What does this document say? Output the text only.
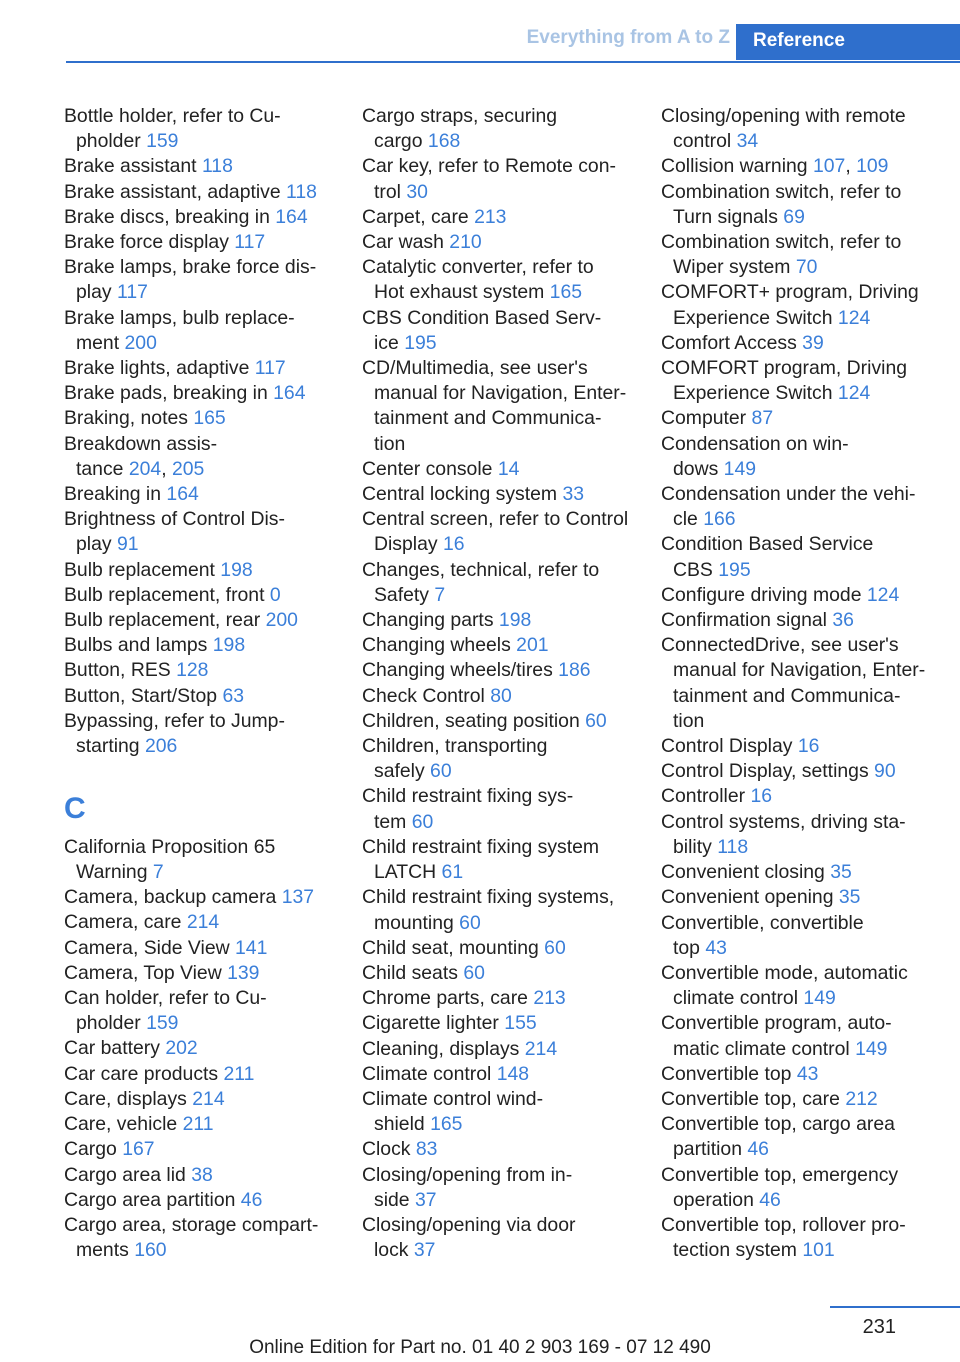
Everything from A to Z	Reference
Bottle holder, refer to Cu-
pholder 159
Brake assistant 118
Brake assistant, adaptive 118
Brake discs, breaking in 164
Brake force display 117
Brake lamps, brake force dis-
play 117
Brake lamps, bulb replace-
ment 200
Brake lights, adaptive 117
Brake pads, breaking in 164
Braking, notes 165
Breakdown assis-
tance 204, 205
Breaking in 164
Brightness of Control Dis-
play 91
Bulb replacement 198
Bulb replacement, front 0
Bulb replacement, rear 200
Bulbs and lamps 198
Button, RES 128
Button, Start/Stop 63
Bypassing, refer to Jump-
starting 206
C
California Proposition 65
Warning 7
Camera, backup camera 137
Camera, care 214
Camera, Side View 141
Camera, Top View 139
Can holder, refer to Cu-
pholder 159
Car battery 202
Car care products 211
Care, displays 214
Care, vehicle 211
Cargo 167
Cargo area lid 38
Cargo area partition 46
Cargo area, storage compart-
ments 160
Cargo straps, securing
cargo 168
Car key, refer to Remote con-
trol 30
Carpet, care 213
Car wash 210
Catalytic converter, refer to
Hot exhaust system 165
CBS Condition Based Serv-
ice 195
CD/Multimedia, see user's
manual for Navigation, Enter-
tainment and Communica-
tion
Center console 14
Central locking system 33
Central screen, refer to Control
Display 16
Changes, technical, refer to
Safety 7
Changing parts 198
Changing wheels 201
Changing wheels/tires 186
Check Control 80
Children, seating position 60
Children, transporting
safely 60
Child restraint fixing sys-
tem 60
Child restraint fixing system
LATCH 61
Child restraint fixing systems,
mounting 60
Child seat, mounting 60
Child seats 60
Chrome parts, care 213
Cigarette lighter 155
Cleaning, displays 214
Climate control 148
Climate control wind-
shield 165
Clock 83
Closing/opening from in-
side 37
Closing/opening via door
lock 37
Closing/opening with remote
control 34
Collision warning 107, 109
Combination switch, refer to
Turn signals 69
Combination switch, refer to
Wiper system 70
COMFORT+ program, Driving
Experience Switch 124
Comfort Access 39
COMFORT program, Driving
Experience Switch 124
Computer 87
Condensation on win-
dows 149
Condensation under the vehi-
cle 166
Condition Based Service
CBS 195
Configure driving mode 124
Confirmation signal 36
ConnectedDrive, see user's
manual for Navigation, Enter-
tainment and Communica-
tion
Control Display 16
Control Display, settings 90
Controller 16
Control systems, driving sta-
bility 118
Convenient closing 35
Convenient opening 35
Convertible, convertible
top 43
Convertible mode, automatic
climate control 149
Convertible program, auto-
matic climate control 149
Convertible top 43
Convertible top, care 212
Convertible top, cargo area
partition 46
Convertible top, emergency
operation 46
Convertible top, rollover pro-
tection system 101
231
Online Edition for Part no. 01 40 2 903 169 - 07 12 490
